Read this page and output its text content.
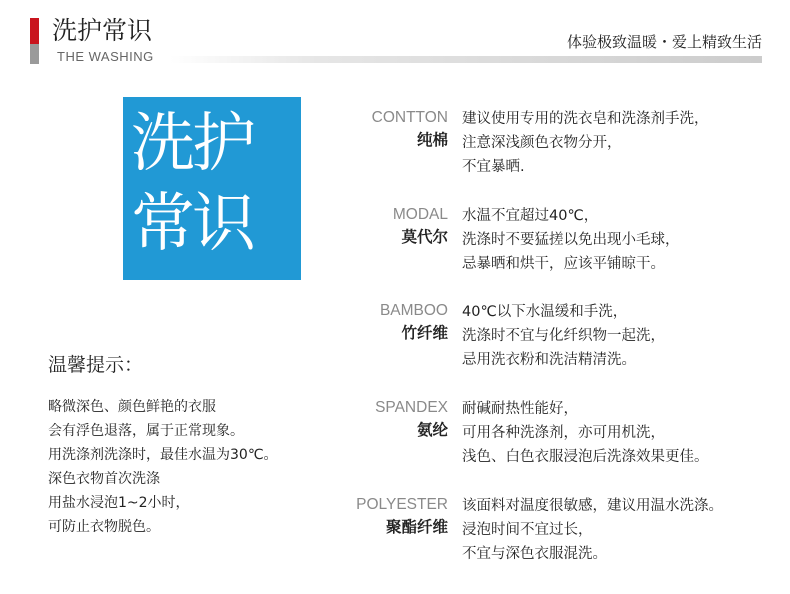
洗护常识
THE WASHING
体验极致温暖・爱上精致生活
洗护
常识
温馨提示：
略微深色、颜色鲜艳的衣服
会有浮色退落，属于正常现象。
用洗涤剂洗涤时，最佳水温为30℃。
深色衣物首次洗涤
用盐水浸泡1~2小时，
可防止衣物脱色。
CONTTON
纯棉
建议使用专用的洗衣皂和洗涤剂手洗，
注意深浅颜色衣物分开，
不宜暴晒.
MODAL
莫代尔
水温不宜超过40℃，
洗涤时不要猛搓以免出现小毛球，
忌暴晒和烘干，应该平铺晾干。
BAMBOO
竹纤维
40℃以下水温缓和手洗，
洗涤时不宜与化纤织物一起洗，
忌用洗衣粉和洗洁精清洗。
SPANDEX
氨纶
耐碱耐热性能好，
可用各种洗涤剂，亦可用机洗，
浅色、白色衣服浸泡后洗涤效果更佳。
POLYESTER
聚酯纤维
该面料对温度很敏感，建议用温水洗涤。
浸泡时间不宜过长，
不宜与深色衣服混洗。
